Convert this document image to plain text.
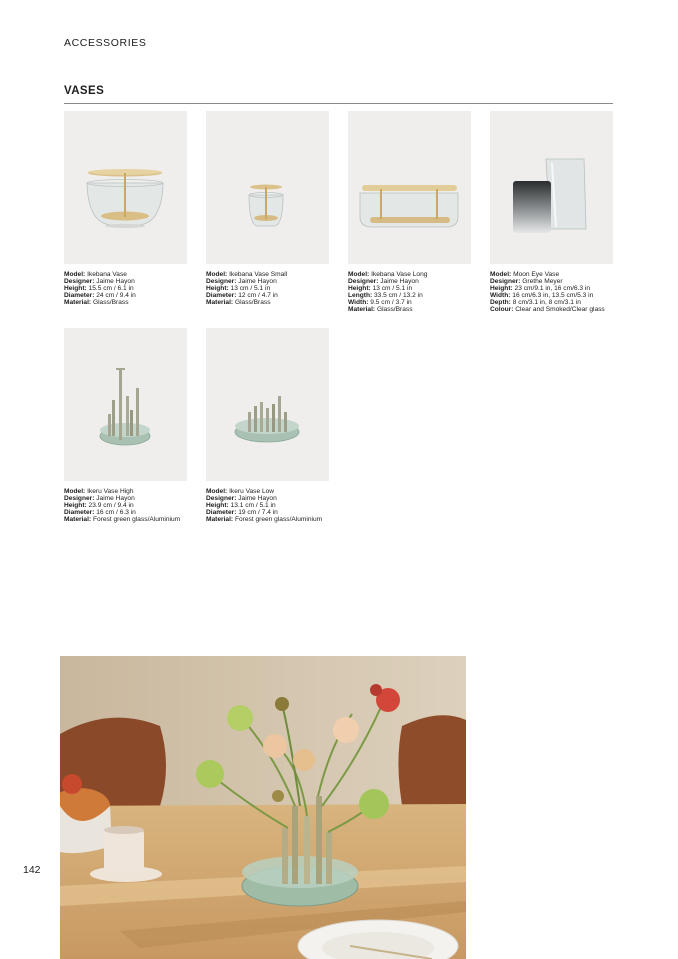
ACCESSORIES
VASES
Model: Ikebana Vase
Designer: Jaime Hayon
Height: 15.5 cm / 6.1 in
Diameter: 24 cm / 9.4 in
Material: Glass/Brass
Model: Ikebana Vase Small
Designer: Jaime Hayon
Height: 13 cm / 5.1 in
Diameter: 12 cm / 4.7 in
Material: Glass/Brass
Model: Ikebana Vase Long
Designer: Jaime Hayon
Height: 13 cm / 5.1 in
Length: 33.5 cm / 13.2 in
Width: 9.5 cm / 3.7 in
Material: Glass/Brass
Model: Moon Eye Vase
Designer: Grethe Meyer
Height: 23 cm/9.1 in, 16 cm/6.3 in
Width: 16 cm/6.3 in, 13.5 cm/5.3 in
Depth: 8 cm/3.1 in, 8 cm/3.1 in
Colour: Clear and Smoked/Clear glass
Model: Ikeru Vase High
Designer: Jaime Hayon
Height: 23.9 cm / 9.4 in
Diameter: 16 cm / 6.3 in
Material: Forest green glass/Aluminium
Model: Ikeru Vase Low
Designer: Jaime Hayon
Height: 13.1 cm / 5.1 in
Diameter: 19 cm / 7.4 in
Material: Forest green glass/Aluminium
142
